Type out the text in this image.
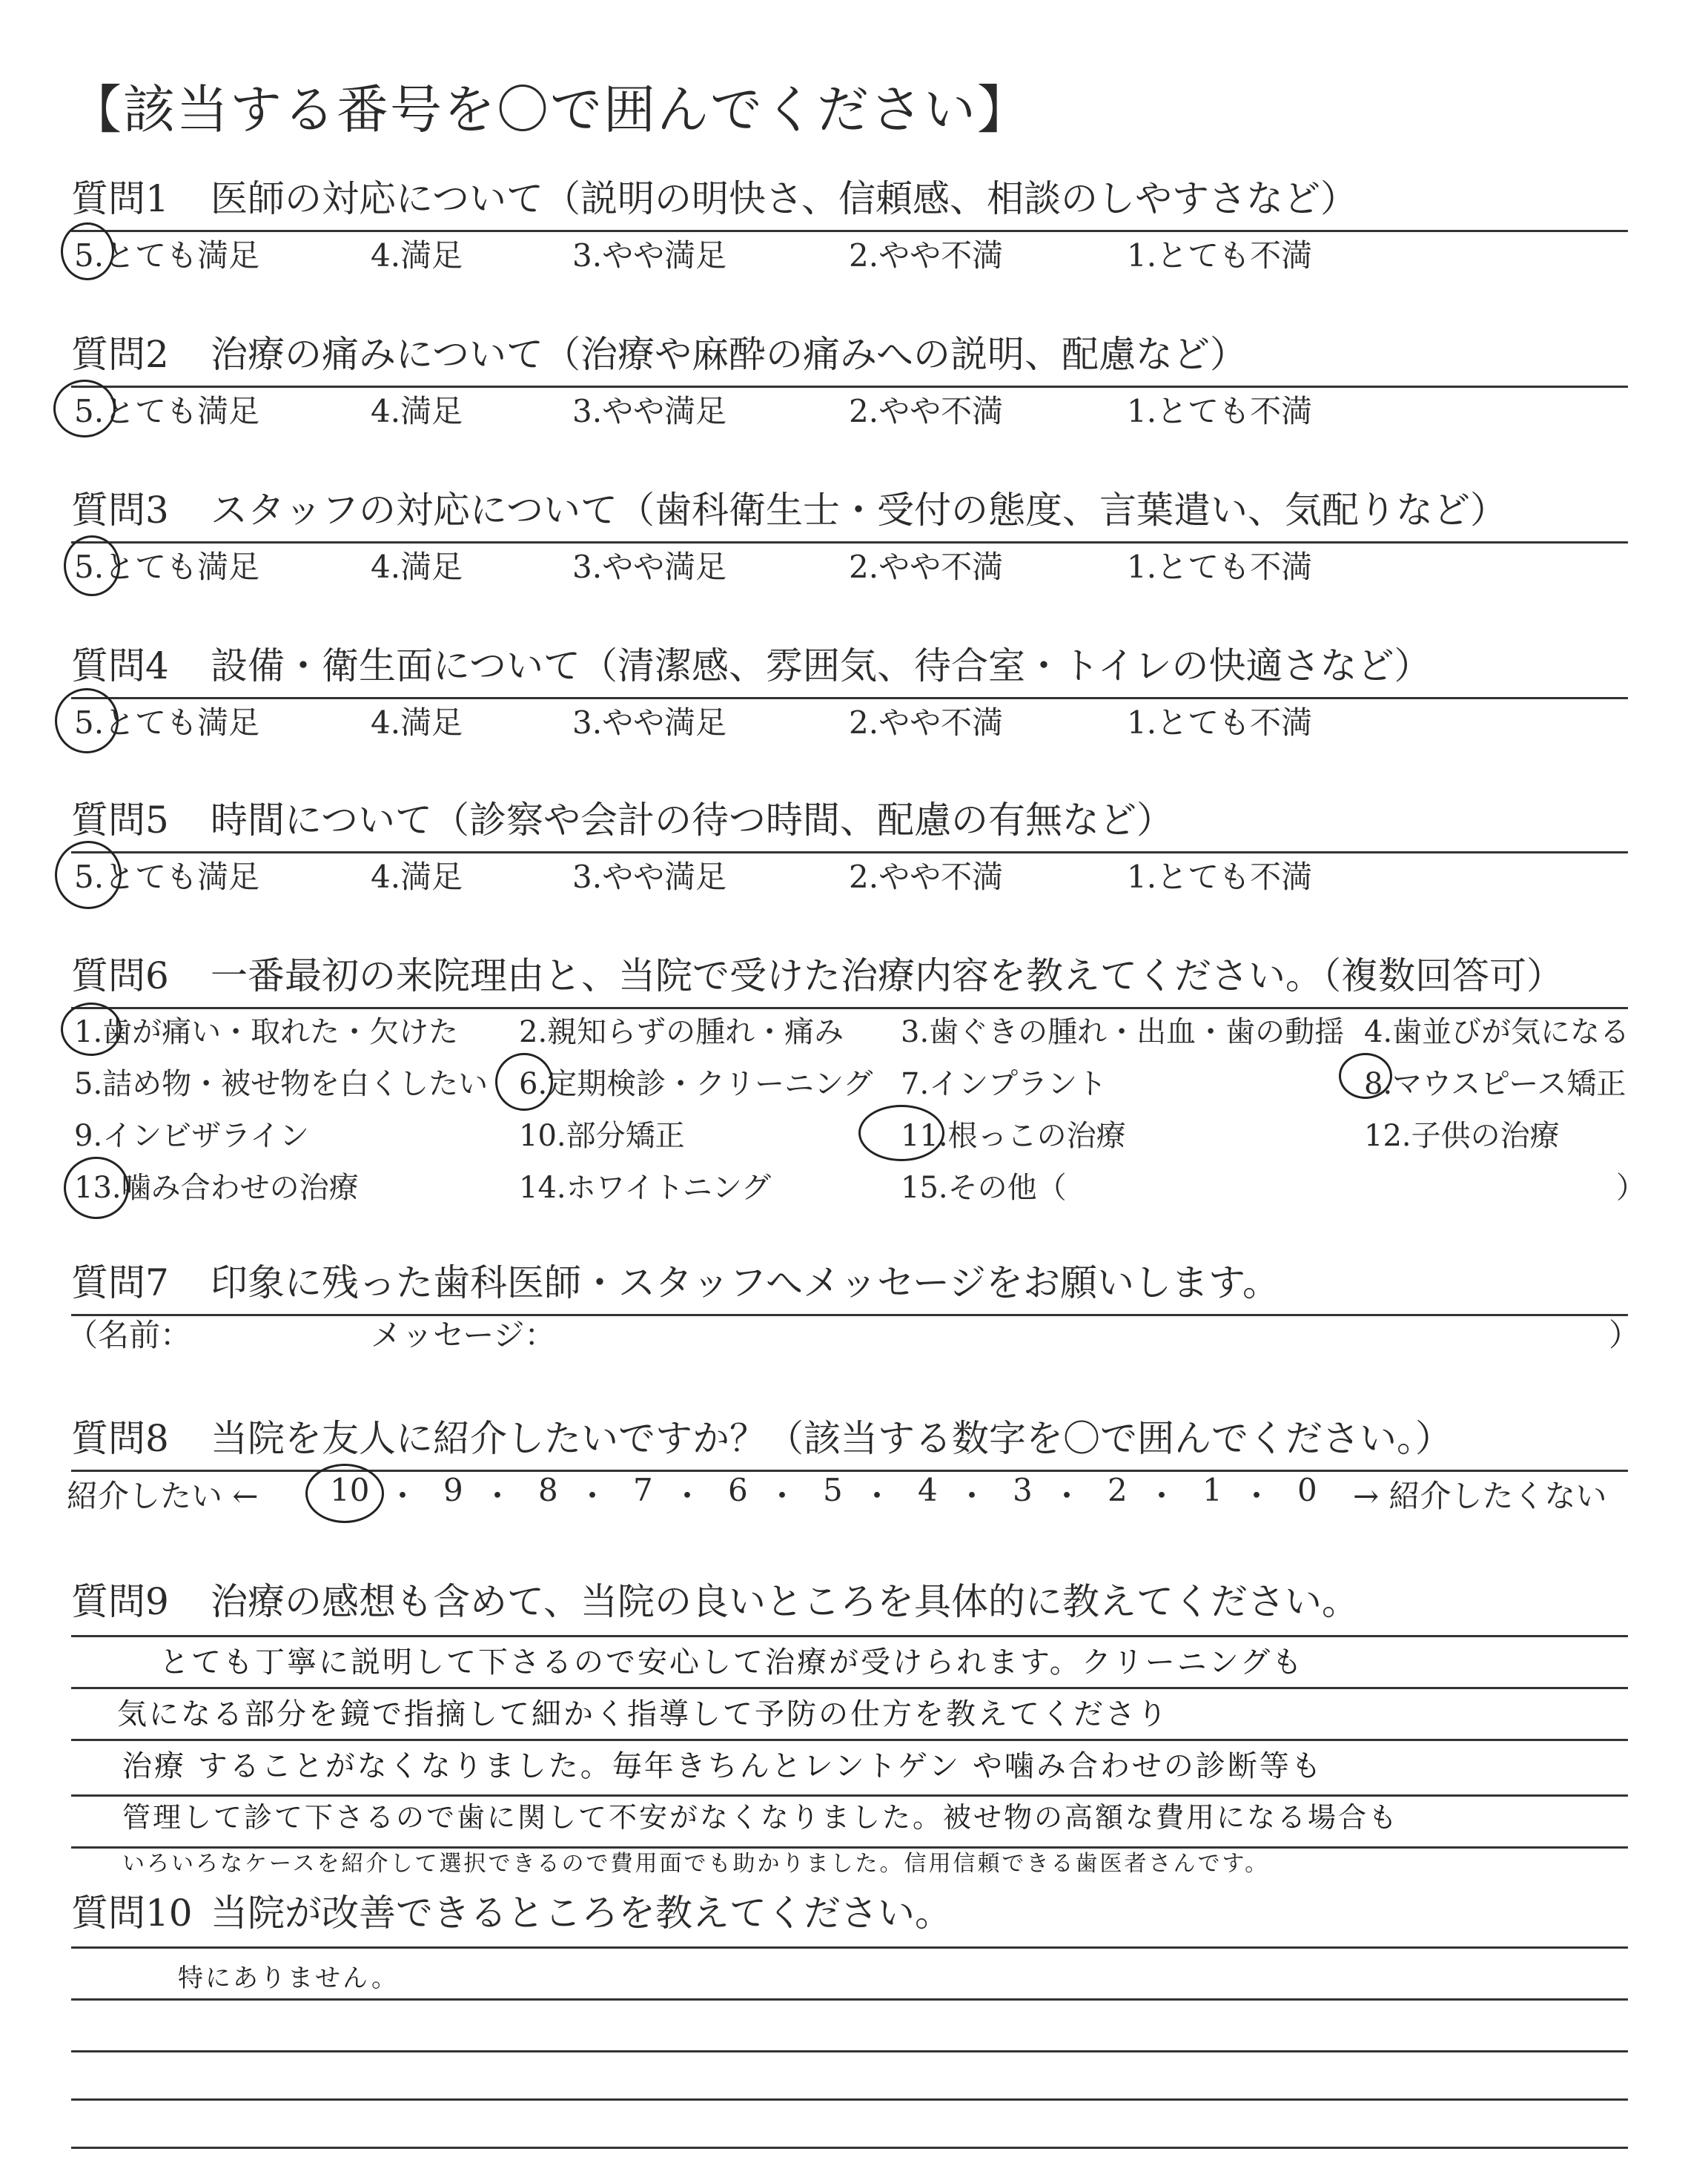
【該当する番号を〇で囲んでください】
質問1 医師の対応について（説明の明快さ、信頼感、相談のしやすさなど）
5.とても満足	4.満足	3.やや満足	2.やや不満	1.とても不満
質問2 治療の痛みについて（治療や麻酔の痛みへの説明、配慮など）
5.とても満足	4.満足	3.やや満足	2.やや不満	1.とても不満
質問3 スタッフの対応について（歯科衛生士・受付の態度、言葉遣い、気配りなど）
5.とても満足	4.満足	3.やや満足	2.やや不満	1.とても不満
質問4 設備・衛生面について（清潔感、雰囲気、待合室・トイレの快適さなど）
5.とても満足	4.満足	3.やや満足	2.やや不満	1.とても不満
質問5 時間について（診察や会計の待つ時間、配慮の有無など）
5.とても満足	4.満足	3.やや満足	2.やや不満	1.とても不満
質問6 一番最初の来院理由と、当院で受けた治療内容を教えてください。（複数回答可）
1.歯が痛い・取れた・欠けた 2.親知らずの腫れ・痛み 3.歯ぐきの腫れ・出血・歯の動揺 4.歯並びが気になる
5.詰め物・被せ物を白くしたい 6.定期検診・クリーニング 7.インプラント	8.マウスピース矯正
9.インビザライン	10.部分矯正	11.根っこの治療	12.子供の治療
13.噛み合わせの治療	14.ホワイトニング	15.その他（	）
質問7 印象に残った歯科医師・スタッフへメッセージをお願いします。
（名前：	メッセージ：	）
質問8 当院を友人に紹介したいですか？（該当する数字を〇で囲んでください。）
紹介したい ← 10 ・ 9 ・ 8 ・ 7 ・ 6 ・ 5 ・ 4 ・ 3 ・ 2 ・ 1 ・ 0 → 紹介したくない
質問9 治療の感想も含めて、当院の良いところを具体的に教えてください。
とても丁寧に説明して下さるので安心して治療が受けられます。クリーニングも
気になる部分を鏡で指摘して細かく指導して予防の仕方を教えてくださり
治療 することがなくなりました。毎年きちんとレントゲン や噛み合わせの診断等も
管理して診て下さるので歯に関して不安がなくなりました。被せ物の高額な費用になる場合も
いろいろなケースを紹介して選択できるので費用面でも助かりました。信用信頼できる歯医者さんです。
質問10 当院が改善できるところを教えてください。
特にありません。
